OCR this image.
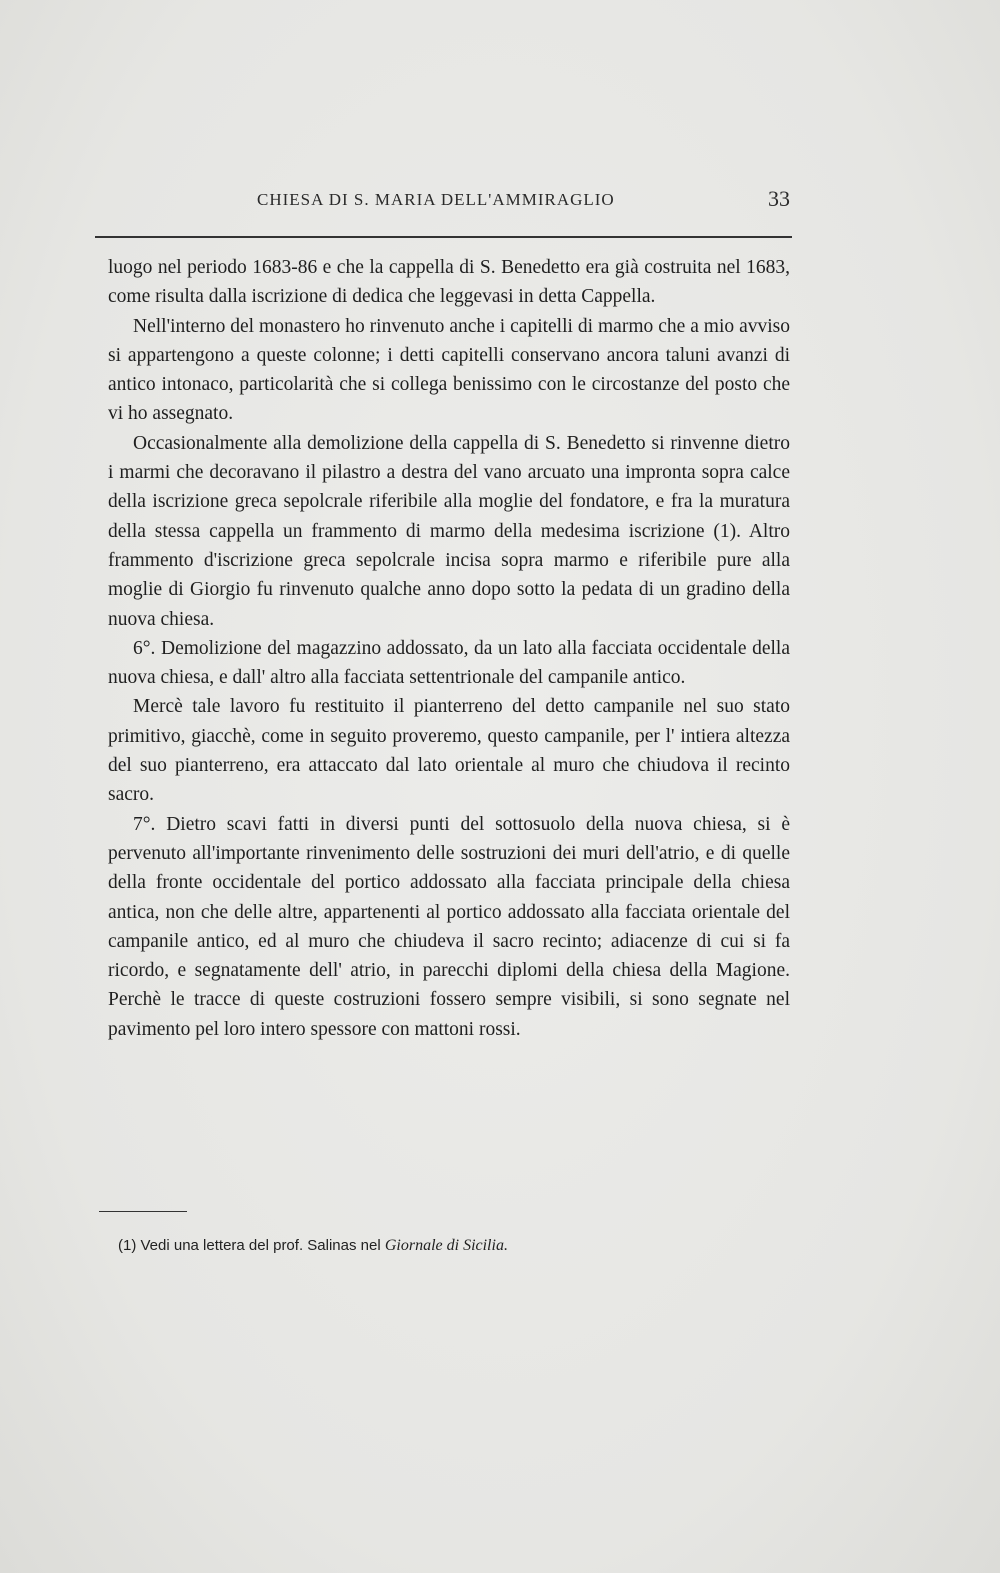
CHIESA DI S. MARIA DELL'AMMIRAGLIO	33

luogo nel periodo 1683-86 e che la cappella di S. Benedetto era già costruita nel 1683, come risulta dalla iscrizione di dedica che leggevasi in detta Cappella.

Nell'interno del monastero ho rinvenuto anche i capitelli di marmo che a mio avviso si appartengono a queste colonne; i detti capitelli conservano ancora taluni avanzi di antico intonaco, particolarità che si collega benissimo con le circostanze del posto che vi ho assegnato.

Occasionalmente alla demolizione della cappella di S. Benedetto si rinvenne dietro i marmi che decoravano il pilastro a destra del vano arcuato una impronta sopra calce della iscrizione greca sepolcrale riferibile alla moglie del fondatore, e fra la muratura della stessa cappella un frammento di marmo della medesima iscrizione (1). Altro frammento d'iscrizione greca sepolcrale incisa sopra marmo e riferibile pure alla moglie di Giorgio fu rinvenuto qualche anno dopo sotto la pedata di un gradino della nuova chiesa.

6°. Demolizione del magazzino addossato, da un lato alla facciata occidentale della nuova chiesa, e dall' altro alla facciata settentrionale del campanile antico.

Mercè tale lavoro fu restituito il pianterreno del detto campanile nel suo stato primitivo, giacchè, come in seguito proveremo, questo campanile, per l' intiera altezza del suo pianterreno, era attaccato dal lato orientale al muro che chiudova il recinto sacro.

7°. Dietro scavi fatti in diversi punti del sottosuolo della nuova chiesa, si è pervenuto all'importante rinvenimento delle sostruzioni dei muri dell'atrio, e di quelle della fronte occidentale del portico addossato alla facciata principale della chiesa antica, non che delle altre, appartenenti al portico addossato alla facciata orientale del campanile antico, ed al muro che chiudeva il sacro recinto; adiacenze di cui si fa ricordo, e segnatamente dell' atrio, in parecchi diplomi della chiesa della Magione. Perchè le tracce di queste costruzioni fossero sempre visibili, si sono segnate nel pavimento pel loro intero spessore con mattoni rossi.

(1) Vedi una lettera del prof. Salinas nel Giornale di Sicilia.
